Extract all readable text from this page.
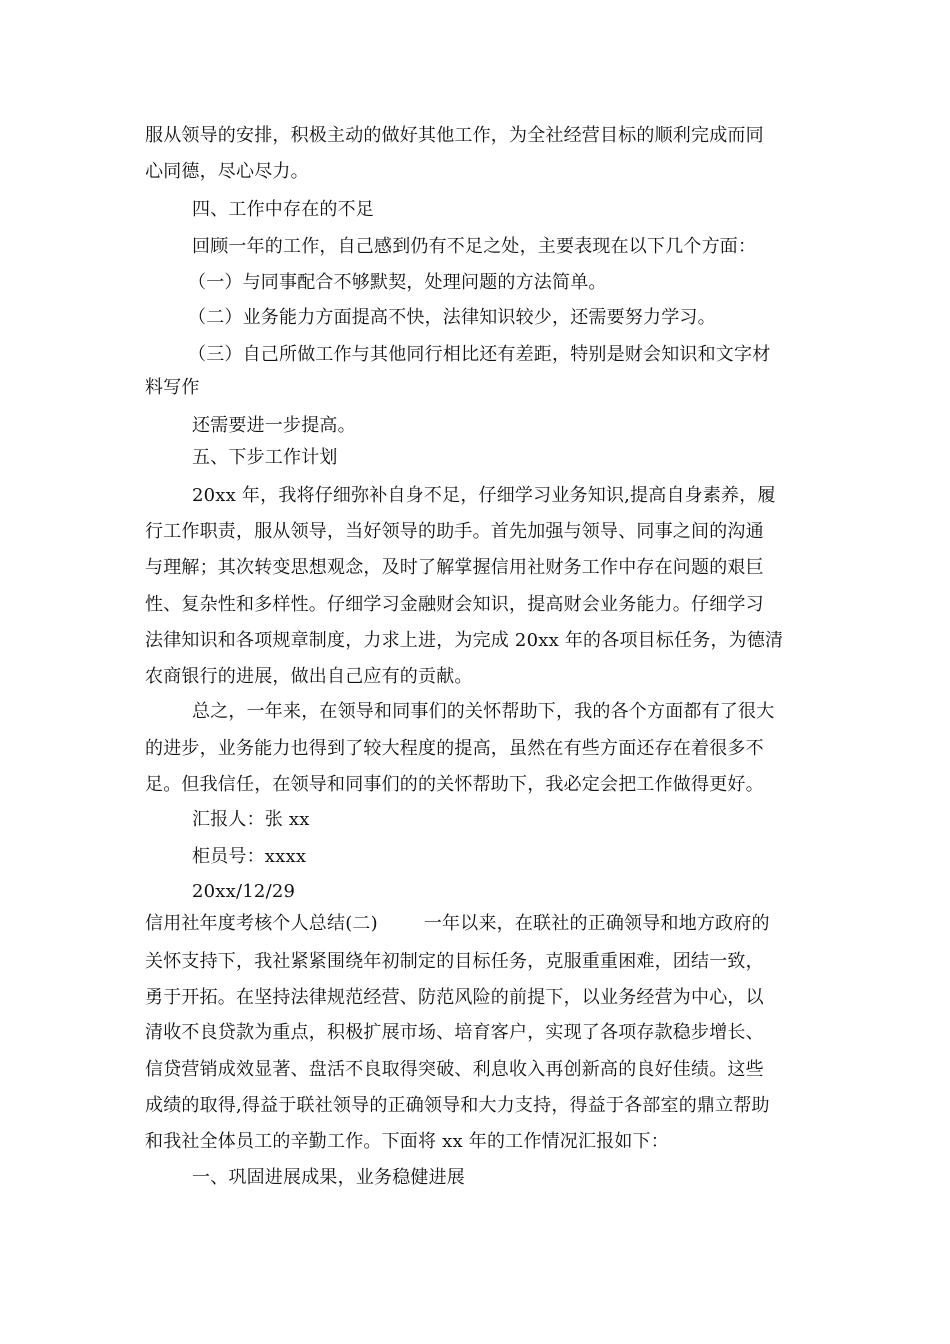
服从领导的安排，积极主动的做好其他工作，为全社经营目标的顺利完成而同
心同德，尽心尽力。
四、工作中存在的不足
回顾一年的工作，自己感到仍有不足之处，主要表现在以下几个方面：
（一）与同事配合不够默契，处理问题的方法简单。
（二）业务能力方面提高不快，法律知识较少，还需要努力学习。
（三）自己所做工作与其他同行相比还有差距，特别是财会知识和文字材
料写作
还需要进一步提高。
五、下步工作计划
20xx 年，我将仔细弥补自身不足，仔细学习业务知识,提高自身素养，履
行工作职责，服从领导，当好领导的助手。首先加强与领导、同事之间的沟通
与理解；其次转变思想观念，及时了解掌握信用社财务工作中存在问题的艰巨
性、复杂性和多样性。仔细学习金融财会知识，提高财会业务能力。仔细学习
法律知识和各项规章制度，力求上进，为完成 20xx 年的各项目标任务，为德清
农商银行的进展，做出自己应有的贡献。
总之，一年来，在领导和同事们的关怀帮助下，我的各个方面都有了很大
的进步，业务能力也得到了较大程度的提高，虽然在有些方面还存在着很多不
足。但我信任，在领导和同事们的的关怀帮助下，我必定会把工作做得更好。
汇报人：张 xx
柜员号：xxxx
20xx/12/29
信用社年度考核个人总结(二)	一年以来，在联社的正确领导和地方政府的
关怀支持下，我社紧紧围绕年初制定的目标任务，克服重重困难，团结一致，
勇于开拓。在坚持法律规范经营、防范风险的前提下，以业务经营为中心，以
清收不良贷款为重点，积极扩展市场、培育客户，实现了各项存款稳步增长、
信贷营销成效显著、盘活不良取得突破、利息收入再创新高的良好佳绩。这些
成绩的取得,得益于联社领导的正确领导和大力支持，得益于各部室的鼎立帮助
和我社全体员工的辛勤工作。下面将 xx 年的工作情况汇报如下：
一、巩固进展成果，业务稳健进展
